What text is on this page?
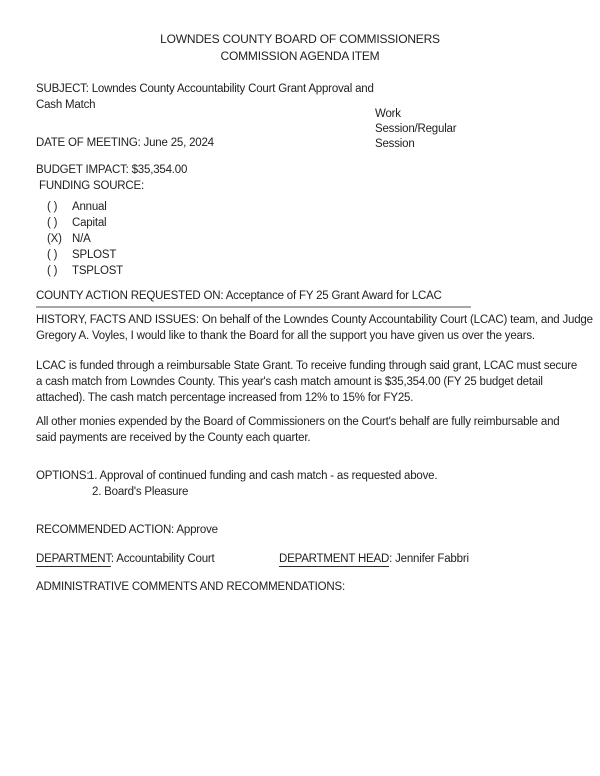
LOWNDES COUNTY BOARD OF COMMISSIONERS
COMMISSION AGENDA ITEM
SUBJECT: Lowndes County Accountability Court Grant Approval and
Cash Match
Work
Session/Regular
Session
DATE OF MEETING: June 25, 2024
BUDGET IMPACT: $35,354.00
FUNDING SOURCE:
( )	Annual
( )	Capital
(X) N/A
( )	SPLOST
( )	TSPLOST
COUNTY ACTION REQUESTED ON: Acceptance of FY 25 Grant Award for LCAC
HISTORY, FACTS AND ISSUES: On behalf of the Lowndes County Accountability Court (LCAC) team, and Judge
Gregory A. Voyles, I would like to thank the Board for all the support you have given us over the years.
LCAC is funded through a reimbursable State Grant. To receive funding through said grant, LCAC must secure
a cash match from Lowndes County. This year's cash match amount is $35,354.00 (FY 25 budget detail
attached). The cash match percentage increased from 12% to 15% for FY25.
All other monies expended by the Board of Commissioners on the Court's behalf are fully reimbursable and
said payments are received by the County each quarter.
OPTIONS:
1. Approval of continued funding and cash match - as requested above.
2. Board's Pleasure
RECOMMENDED ACTION: Approve
DEPARTMENT: Accountability Court	DEPARTMENT HEAD: Jennifer Fabbri
ADMINISTRATIVE COMMENTS AND RECOMMENDATIONS:
